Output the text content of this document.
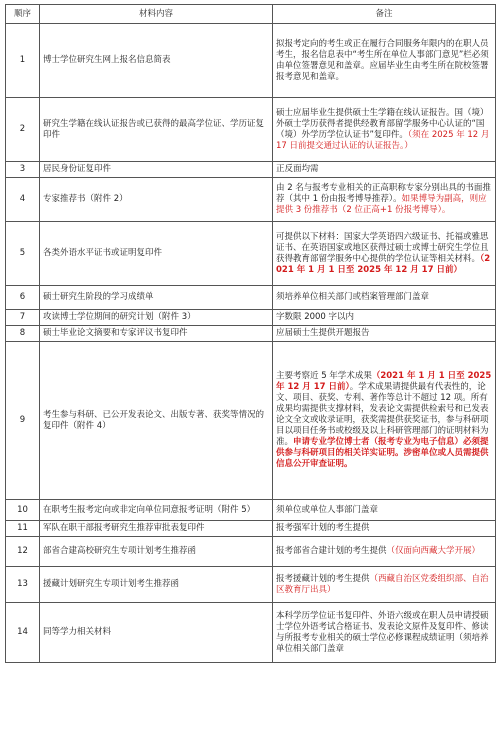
顺序	材料内容	备注
1	博士学位研究生网上报名信息简表	拟报考定向的考生或正在履行合同服务年限内的在职人员考生，报名信息表中“考生所在单位人事部门意见”栏必须由单位签署意见和盖章。应届毕业生由考生所在院校签署报考意见和盖章。
2	研究生学籍在线认证报告或已获得的最高学位证、学历证复印件	硕士应届毕业生提供硕士生学籍在线认证报告。国（境）外硕士学历获得者提供经教育部留学服务中心认证的“国（境）外学历学位认证书”复印件。（须在 2025 年 12 月 17 日前提交通过认证的认证报告。）
3	居民身份证复印件	正反面均需
4	专家推荐书（附件 2）	由 2 名与报考专业相关的正高职称专家分别出具的书面推荐（其中 1 份由报考博导推荐）。如果博导为副高，则应提供 3 份推荐书（2 位正高+1 份报考博导）。
5	各类外语水平证书或证明复印件	可提供以下材料：国家大学英语四六级证书、托福或雅思证书、在英语国家或地区获得过硕士或博士研究生学位且获得教育部留学服务中心提供的学位认证等相关材料。（2021 年 1 月 1 日至 2025 年 12 月 17 日前）
6	硕士研究生阶段的学习成绩单	须培养单位相关部门或档案管理部门盖章
7	攻读博士学位期间的研究计划（附件 3）	字数限 2000 字以内
8	硕士毕业论文摘要和专家评议书复印件	应届硕士生提供开题报告
9	考生参与科研、已公开发表论文、出版专著、获奖等情况的复印件（附件 4）	主要考察近 5 年学术成果（2021 年 1 月 1 日至 2025 年 12 月 17 日前）。学术成果请提供最有代表性的，论文、项目、获奖、专利、著作等总计不超过 12 项。所有成果均需提供支撑材料，发表论文需提供检索号和已发表论文全文或收录证明，获奖需提供获奖证书，参与科研项目以项目任务书或校级及以上科研管理部门的证明材料为准。申请专业学位博士者（报考专业为电子信息）必须提供参与科研项目的相关详实证明。涉密单位或人员需提供信息公开审查证明。
10	在职考生报考定向或非定向单位同意报考证明（附件 5）	须单位或单位人事部门盖章
11	军队在职干部报考研究生推荐审批表复印件	报考强军计划的考生提供
12	部省合建高校研究生专项计划考生推荐函	报考部省合建计划的考生提供（仅面向西藏大学开展）
13	援藏计划研究生专项计划考生推荐函	报考援藏计划的考生提供（西藏自治区党委组织部、自治区教育厅出具）
14	同等学力相关材料	本科学历学位证书复印件、外语六级或在职人员申请授硕士学位外语考试合格证书、发表论文原件及复印件、修读与所报考专业相关的硕士学位必修课程成绩证明（须培养单位相关部门盖章
